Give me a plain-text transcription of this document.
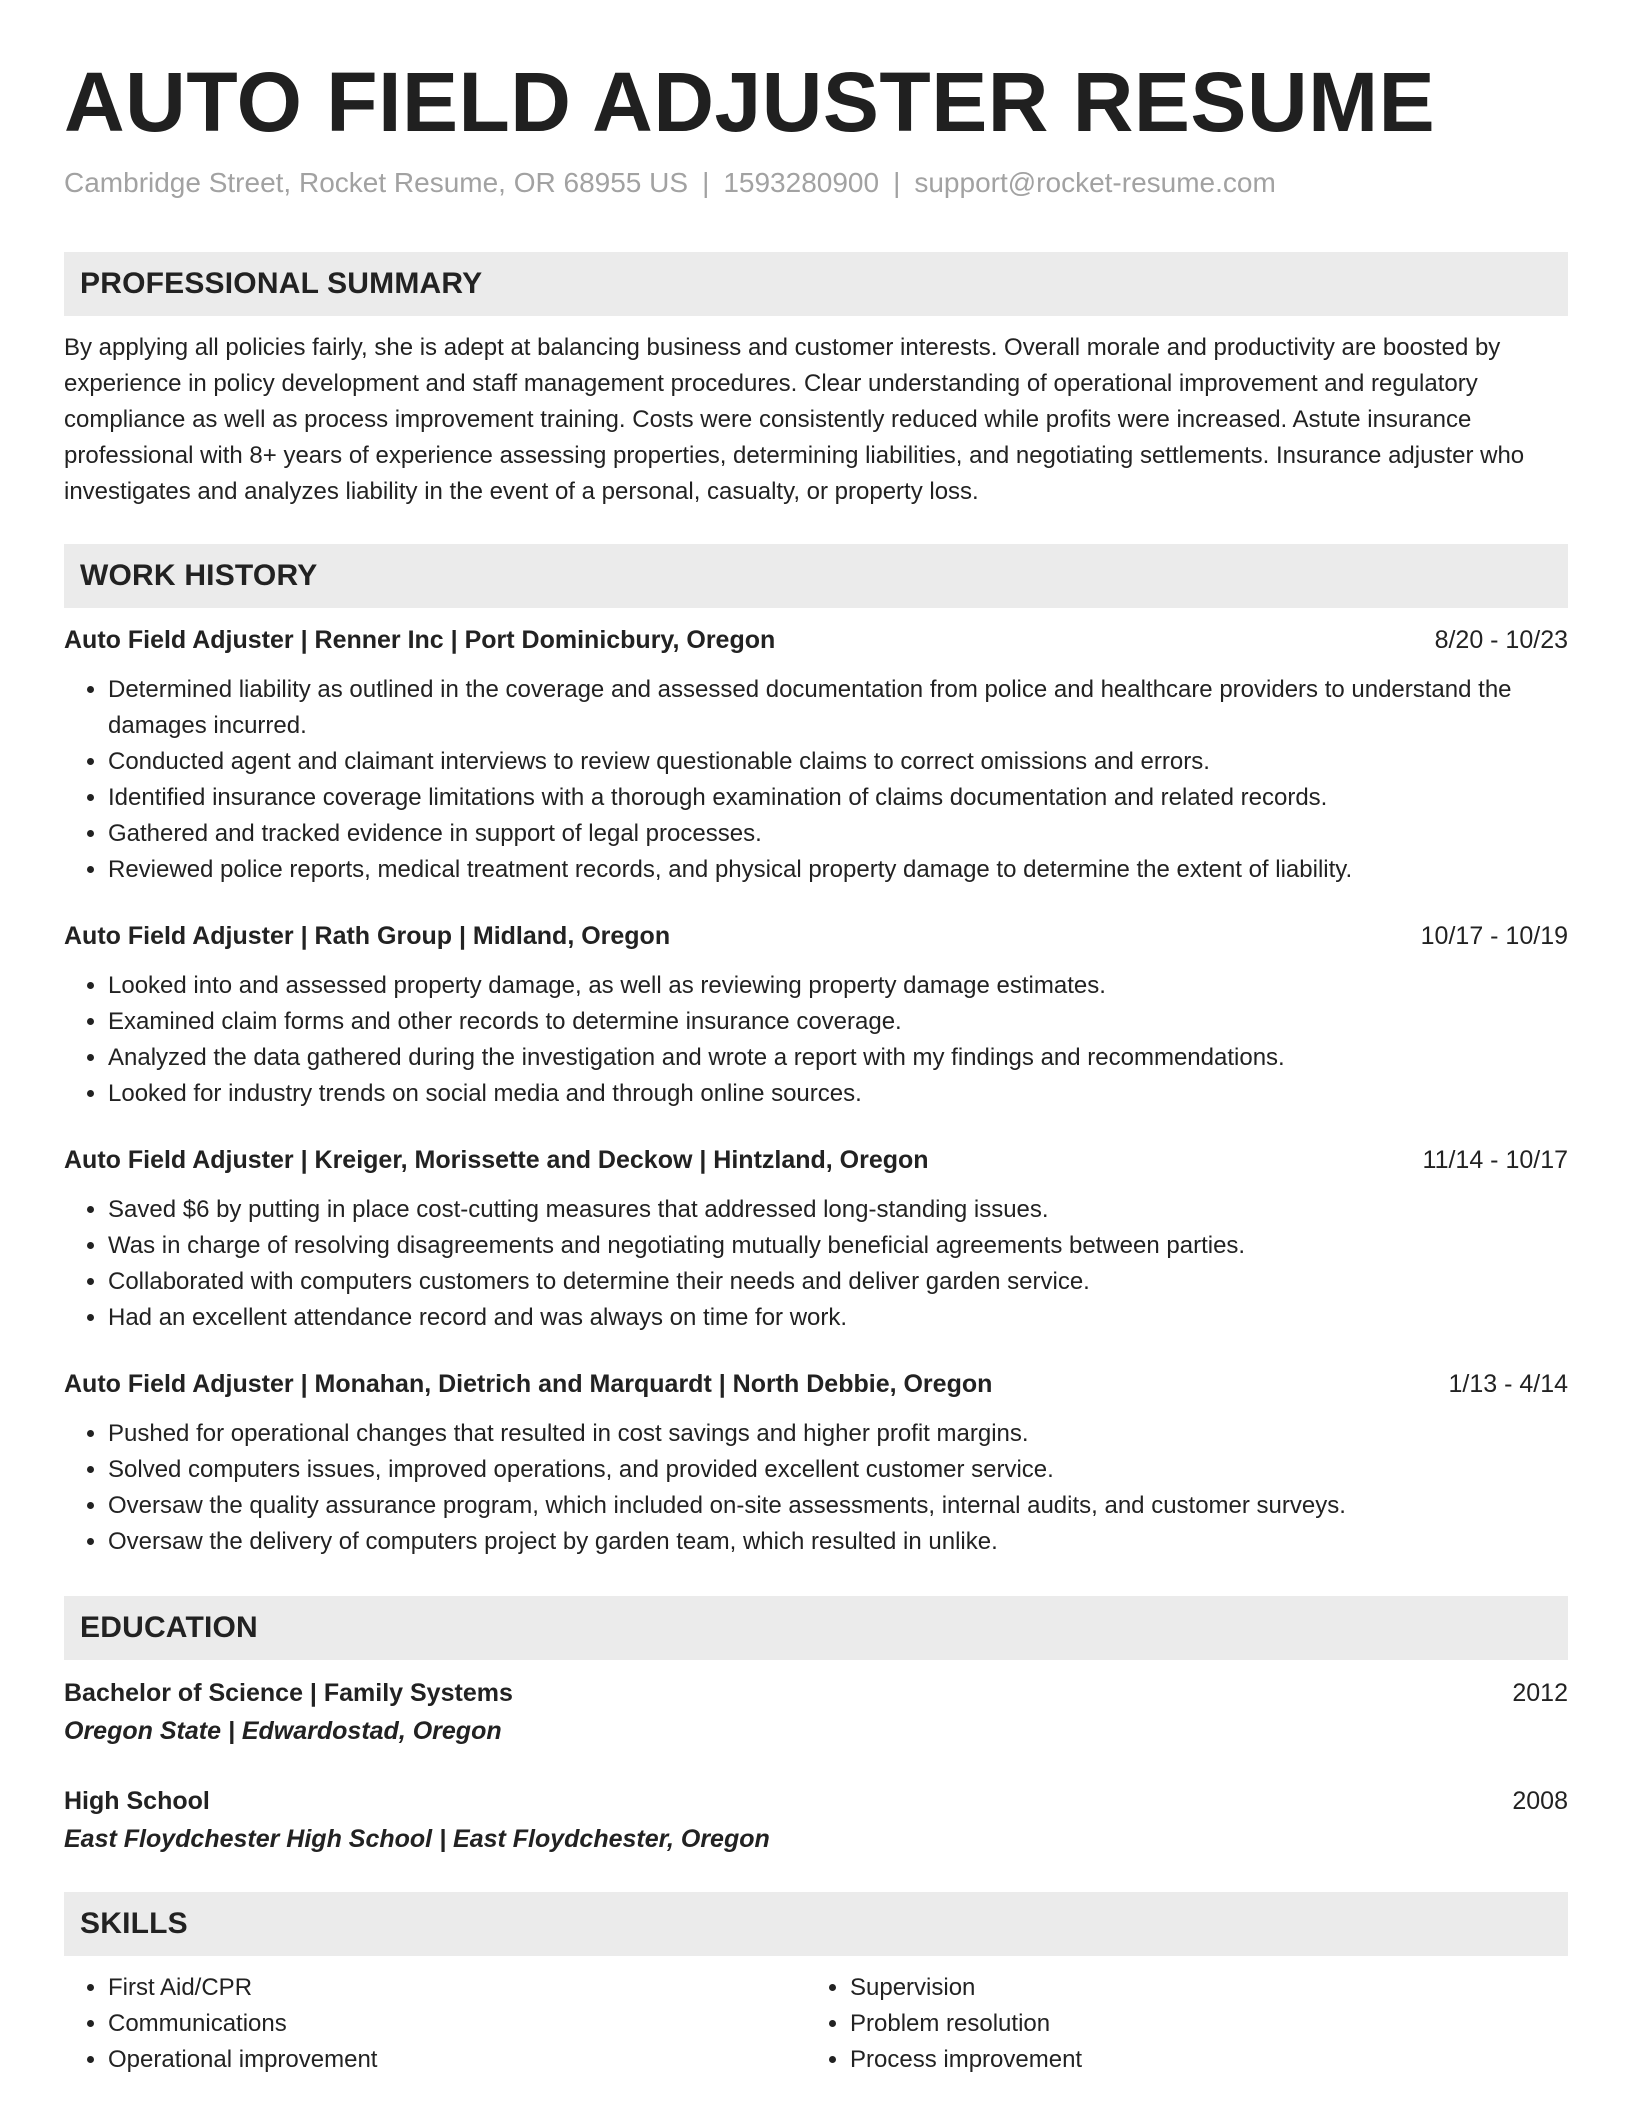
AUTO FIELD ADJUSTER RESUME
Cambridge Street, Rocket Resume, OR 68955 US | 1593280900 | support@rocket-resume.com
PROFESSIONAL SUMMARY
By applying all policies fairly, she is adept at balancing business and customer interests. Overall morale and productivity are boosted by experience in policy development and staff management procedures. Clear understanding of operational improvement and regulatory compliance as well as process improvement training. Costs were consistently reduced while profits were increased. Astute insurance professional with 8+ years of experience assessing properties, determining liabilities, and negotiating settlements. Insurance adjuster who investigates and analyzes liability in the event of a personal, casualty, or property loss.
WORK HISTORY
Auto Field Adjuster | Renner Inc | Port Dominicbury, Oregon	8/20 - 10/23
• Determined liability as outlined in the coverage and assessed documentation from police and healthcare providers to understand the damages incurred.
• Conducted agent and claimant interviews to review questionable claims to correct omissions and errors.
• Identified insurance coverage limitations with a thorough examination of claims documentation and related records.
• Gathered and tracked evidence in support of legal processes.
• Reviewed police reports, medical treatment records, and physical property damage to determine the extent of liability.
Auto Field Adjuster | Rath Group | Midland, Oregon	10/17 - 10/19
• Looked into and assessed property damage, as well as reviewing property damage estimates.
• Examined claim forms and other records to determine insurance coverage.
• Analyzed the data gathered during the investigation and wrote a report with my findings and recommendations.
• Looked for industry trends on social media and through online sources.
Auto Field Adjuster | Kreiger, Morissette and Deckow | Hintzland, Oregon	11/14 - 10/17
• Saved $6 by putting in place cost-cutting measures that addressed long-standing issues.
• Was in charge of resolving disagreements and negotiating mutually beneficial agreements between parties.
• Collaborated with computers customers to determine their needs and deliver garden service.
• Had an excellent attendance record and was always on time for work.
Auto Field Adjuster | Monahan, Dietrich and Marquardt | North Debbie, Oregon	1/13 - 4/14
• Pushed for operational changes that resulted in cost savings and higher profit margins.
• Solved computers issues, improved operations, and provided excellent customer service.
• Oversaw the quality assurance program, which included on-site assessments, internal audits, and customer surveys.
• Oversaw the delivery of computers project by garden team, which resulted in unlike.
EDUCATION
Bachelor of Science | Family Systems	2012
Oregon State | Edwardostad, Oregon
High School	2008
East Floydchester High School | East Floydchester, Oregon
SKILLS
• First Aid/CPR
• Communications
• Operational improvement
• Supervision
• Problem resolution
• Process improvement
